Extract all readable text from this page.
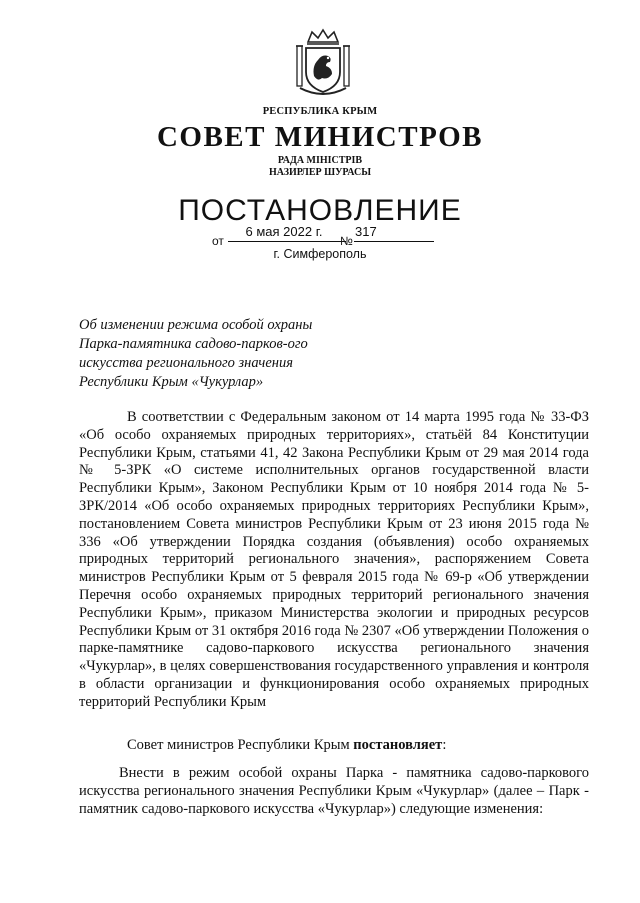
РЕСПУБЛИКА КРЫМ
СОВЕТ МИНИСТРОВ
РАДА МІНІСТРІВ
НАЗИРЛЕР ШУРАСЫ
ПОСТАНОВЛЕНИЕ
от
6 мая 2022 г.
№
317
г. Симферополь
Об изменении режима особой охраны
Парка-памятника садово-парков-ого
искусства регионального значения
Республики Крым «Чукурлар»
В соответствии с Федеральным законом от 14 марта 1995 года № 33-ФЗ «Об особо охраняемых природных территориях», статьёй 84 Конституции Республики Крым, статьями 41, 42 Закона Республики Крым от 29 мая 2014 года № 5-ЗРК «О системе исполнительных органов государственной власти Республики Крым», Законом Республики Крым от 10 ноября 2014 года № 5-ЗРК/2014 «Об особо охраняемых природных территориях Республики Крым», постановлением Совета министров Республики Крым от 23 июня 2015 года № 336 «Об утверждении Порядка создания (объявления) особо охраняемых природных территорий регионального значения», распоряжением Совета министров Республики Крым от 5 февраля 2015 года № 69-р «Об утверждении Перечня особо охраняемых природных территорий регионального значения Республики Крым», приказом Министерства экологии и природных ресурсов Республики Крым от 31 октября 2016 года № 2307 «Об утверждении Положения о парке-памятнике садово-паркового искусства регионального значения «Чукурлар», в целях совершенствования государственного управления и контроля в области организации и функционирования особо охраняемых природных территорий Республики Крым
Совет министров Республики Крым постановляет:
Внести в режим особой охраны Парка - памятника садово-паркового искусства регионального значения Республики Крым «Чукурлар» (далее – Парк - памятник садово-паркового искусства «Чукурлар») следующие изменения:
